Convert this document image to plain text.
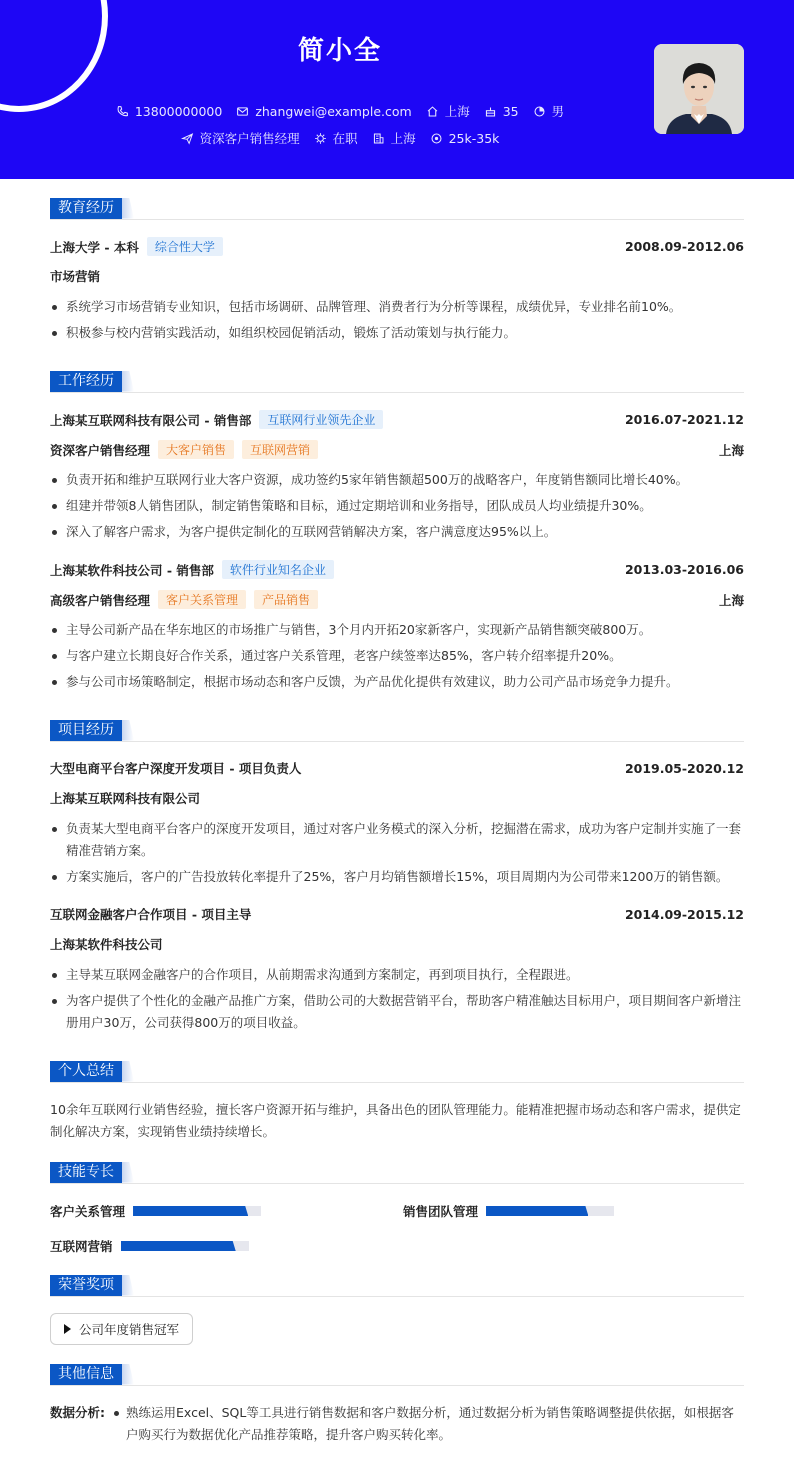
简小全
13800000000	zhangwei@example.com	上海	35	男
资深客户销售经理	在职	上海	25k-35k
教育经历
上海大学 - 本科	综合性大学	2008.09-2012.06
市场营销
系统学习市场营销专业知识，包括市场调研、品牌管理、消费者行为分析等课程，成绩优异，专业排名前10%。
积极参与校内营销实践活动，如组织校园促销活动，锻炼了活动策划与执行能力。
工作经历
上海某互联网科技有限公司 - 销售部	互联网行业领先企业	2016.07-2021.12
资深客户销售经理	大客户销售	互联网营销	上海
负责开拓和维护互联网行业大客户资源，成功签约5家年销售额超500万的战略客户，年度销售额同比增长40%。
组建并带领8人销售团队，制定销售策略和目标，通过定期培训和业务指导，团队成员人均业绩提升30%。
深入了解客户需求，为客户提供定制化的互联网营销解决方案，客户满意度达95%以上。
上海某软件科技公司 - 销售部	软件行业知名企业	2013.03-2016.06
高级客户销售经理	客户关系管理	产品销售	上海
主导公司新产品在华东地区的市场推广与销售，3个月内开拓20家新客户，实现新产品销售额突破800万。
与客户建立长期良好合作关系，通过客户关系管理，老客户续签率达85%，客户转介绍率提升20%。
参与公司市场策略制定，根据市场动态和客户反馈，为产品优化提供有效建议，助力公司产品市场竞争力提升。
项目经历
大型电商平台客户深度开发项目 - 项目负责人	2019.05-2020.12
上海某互联网科技有限公司
负责某大型电商平台客户的深度开发项目，通过对客户业务模式的深入分析，挖掘潜在需求，成功为客户定制并实施了一套精准营销方案。
方案实施后，客户的广告投放转化率提升了25%，客户月均销售额增长15%，项目周期内为公司带来1200万的销售额。
互联网金融客户合作项目 - 项目主导	2014.09-2015.12
上海某软件科技公司
主导某互联网金融客户的合作项目，从前期需求沟通到方案制定，再到项目执行，全程跟进。
为客户提供了个性化的金融产品推广方案，借助公司的大数据营销平台，帮助客户精准触达目标用户，项目期间客户新增注册用户30万，公司获得800万的项目收益。
个人总结
10余年互联网行业销售经验，擅长客户资源开拓与维护，具备出色的团队管理能力。能精准把握市场动态和客户需求，提供定制化解决方案，实现销售业绩持续增长。
技能专长
客户关系管理	销售团队管理
互联网营销
荣誉奖项
公司年度销售冠军
其他信息
数据分析:	熟练运用Excel、SQL等工具进行销售数据和客户数据分析，通过数据分析为销售策略调整提供依据，如根据客户购买行为数据优化产品推荐策略，提升客户购买转化率。
